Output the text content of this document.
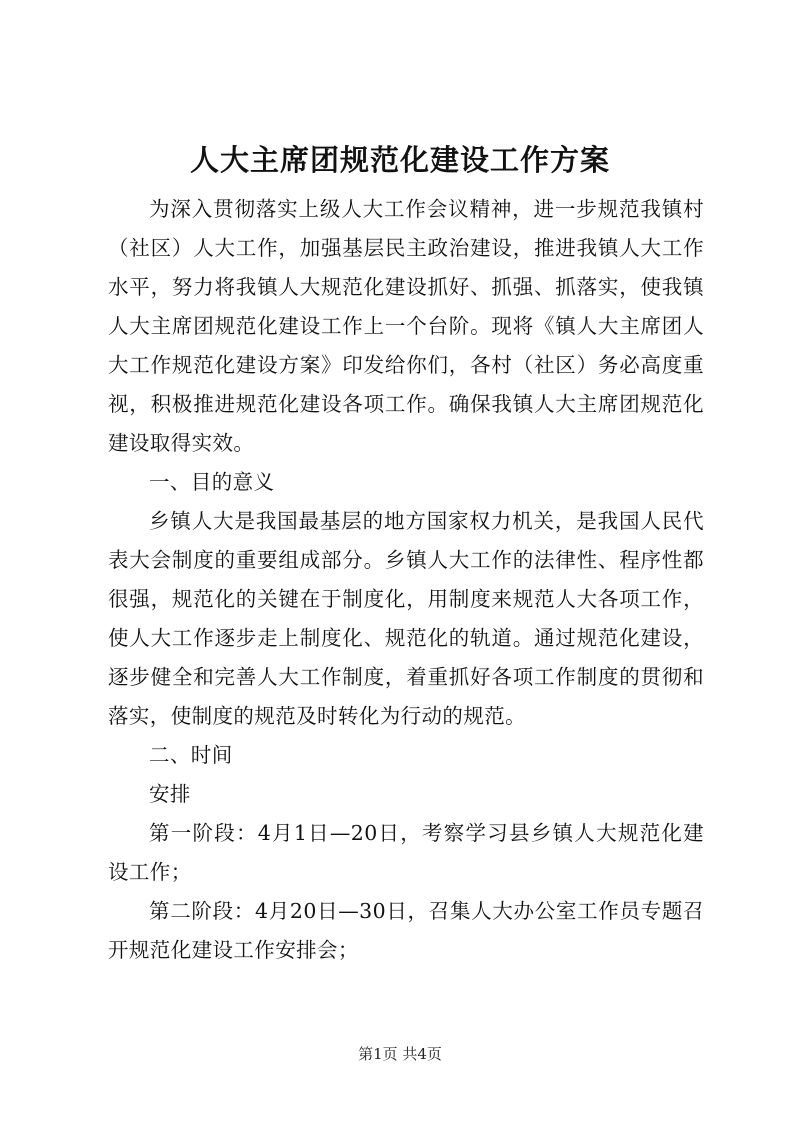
人大主席团规范化建设工作方案

为深入贯彻落实上级人大工作会议精神，进一步规范我镇村（社区）人大工作，加强基层民主政治建设，推进我镇人大工作水平，努力将我镇人大规范化建设抓好、抓强、抓落实，使我镇人大主席团规范化建设工作上一个台阶。现将《镇人大主席团人大工作规范化建设方案》印发给你们，各村（社区）务必高度重视，积极推进规范化建设各项工作。确保我镇人大主席团规范化建设取得实效。

一、目的意义

乡镇人大是我国最基层的地方国家权力机关，是我国人民代表大会制度的重要组成部分。乡镇人大工作的法律性、程序性都很强，规范化的关键在于制度化，用制度来规范人大各项工作，使人大工作逐步走上制度化、规范化的轨道。通过规范化建设，逐步健全和完善人大工作制度，着重抓好各项工作制度的贯彻和落实，使制度的规范及时转化为行动的规范。

二、时间

安排

第一阶段：4月1日—20日，考察学习县乡镇人大规范化建设工作；

第二阶段：4月20日—30日，召集人大办公室工作员专题召开规范化建设工作安排会；

第1页 共4页
